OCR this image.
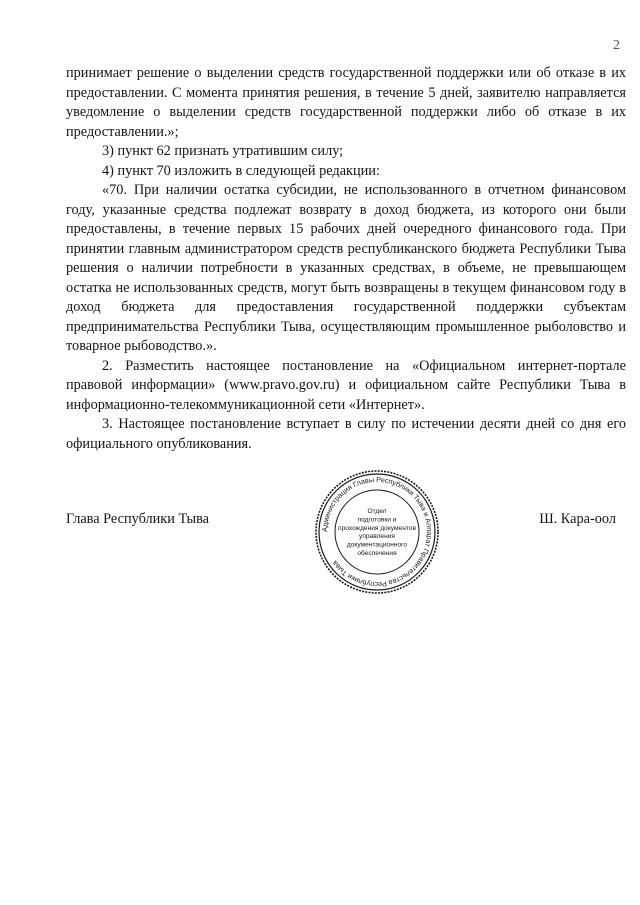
2

принимает решение о выделении средств государственной поддержки или об отказе в их предоставлении. С момента принятия решения, в течение 5 дней, заявителю направляется уведомление о выделении средств государственной поддержки либо об отказе в их предоставлении.»;

3) пункт 62 признать утратившим силу;

4) пункт 70 изложить в следующей редакции:

«70. При наличии остатка субсидии, не использованного в отчетном финансовом году, указанные средства подлежат возврату в доход бюджета, из которого они были предоставлены, в течение первых 15 рабочих дней очередного финансового года. При принятии главным администратором средств республиканского бюджета Республики Тыва решения о наличии потребности в указанных средствах, в объеме, не превышающем остатка не использованных средств, могут быть возвращены в текущем финансовом году в доход бюджета для предоставления государственной поддержки субъектам предпринимательства Республики Тыва, осуществляющим промышленное рыболовство и товарное рыбоводство.».

2. Разместить настоящее постановление на «Официальном интернет-портале правовой информации» (www.pravo.gov.ru) и официальном сайте Республики Тыва в информационно-телекоммуникационной сети «Интернет».

3. Настоящее постановление вступает в силу по истечении десяти дней со дня его официального опубликования.

Глава Республики Тыва	Ш. Кара-оол
Администрация Главы Республики Тыва и Аппарат Правительства Республики Тыва
Отдел
подготовки и
прохождения документов
управления
документационного
обеспечения
